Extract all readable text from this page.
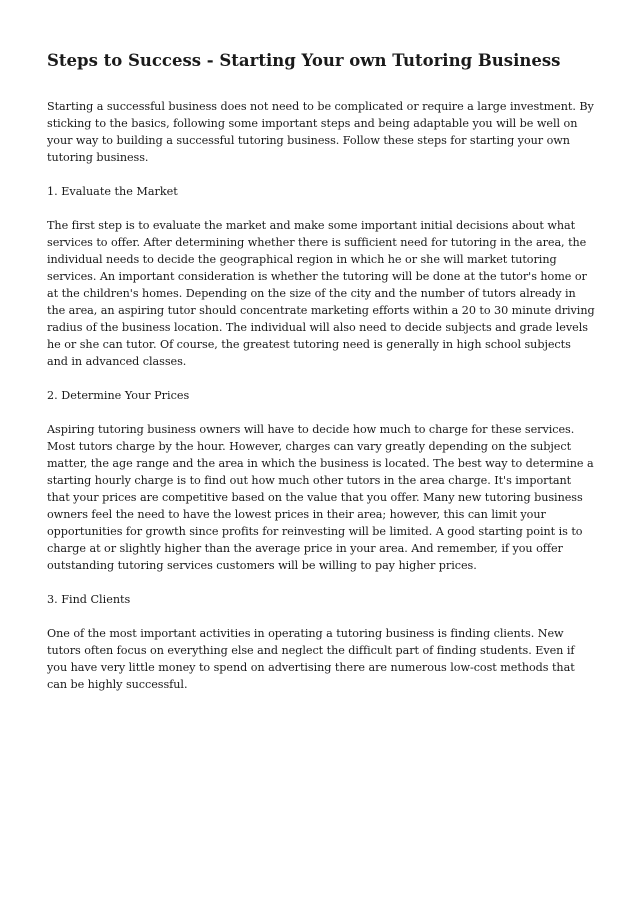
Steps to Success - Starting Your own Tutoring Business

Starting a successful business does not need to be complicated or require a large investment. By sticking to the basics, following some important steps and being adaptable you will be well on your way to building a successful tutoring business. Follow these steps for starting your own tutoring business.

1. Evaluate the Market

The first step is to evaluate the market and make some important initial decisions about what services to offer. After determining whether there is sufficient need for tutoring in the area, the individual needs to decide the geographical region in which he or she will market tutoring services. An important consideration is whether the tutoring will be done at the tutor's home or at the children's homes. Depending on the size of the city and the number of tutors already in the area, an aspiring tutor should concentrate marketing efforts within a 20 to 30 minute driving radius of the business location. The individual will also need to decide subjects and grade levels he or she can tutor. Of course, the greatest tutoring need is generally in high school subjects and in advanced classes.

2. Determine Your Prices

Aspiring tutoring business owners will have to decide how much to charge for these services. Most tutors charge by the hour. However, charges can vary greatly depending on the subject matter, the age range and the area in which the business is located. The best way to determine a starting hourly charge is to find out how much other tutors in the area charge. It's important that your prices are competitive based on the value that you offer. Many new tutoring business owners feel the need to have the lowest prices in their area; however, this can limit your opportunities for growth since profits for reinvesting will be limited. A good starting point is to charge at or slightly higher than the average price in your area. And remember, if you offer outstanding tutoring services customers will be willing to pay higher prices.

3. Find Clients

One of the most important activities in operating a tutoring business is finding clients. New tutors often focus on everything else and neglect the difficult part of finding students. Even if you have very little money to spend on advertising there are numerous low-cost methods that can be highly successful.
